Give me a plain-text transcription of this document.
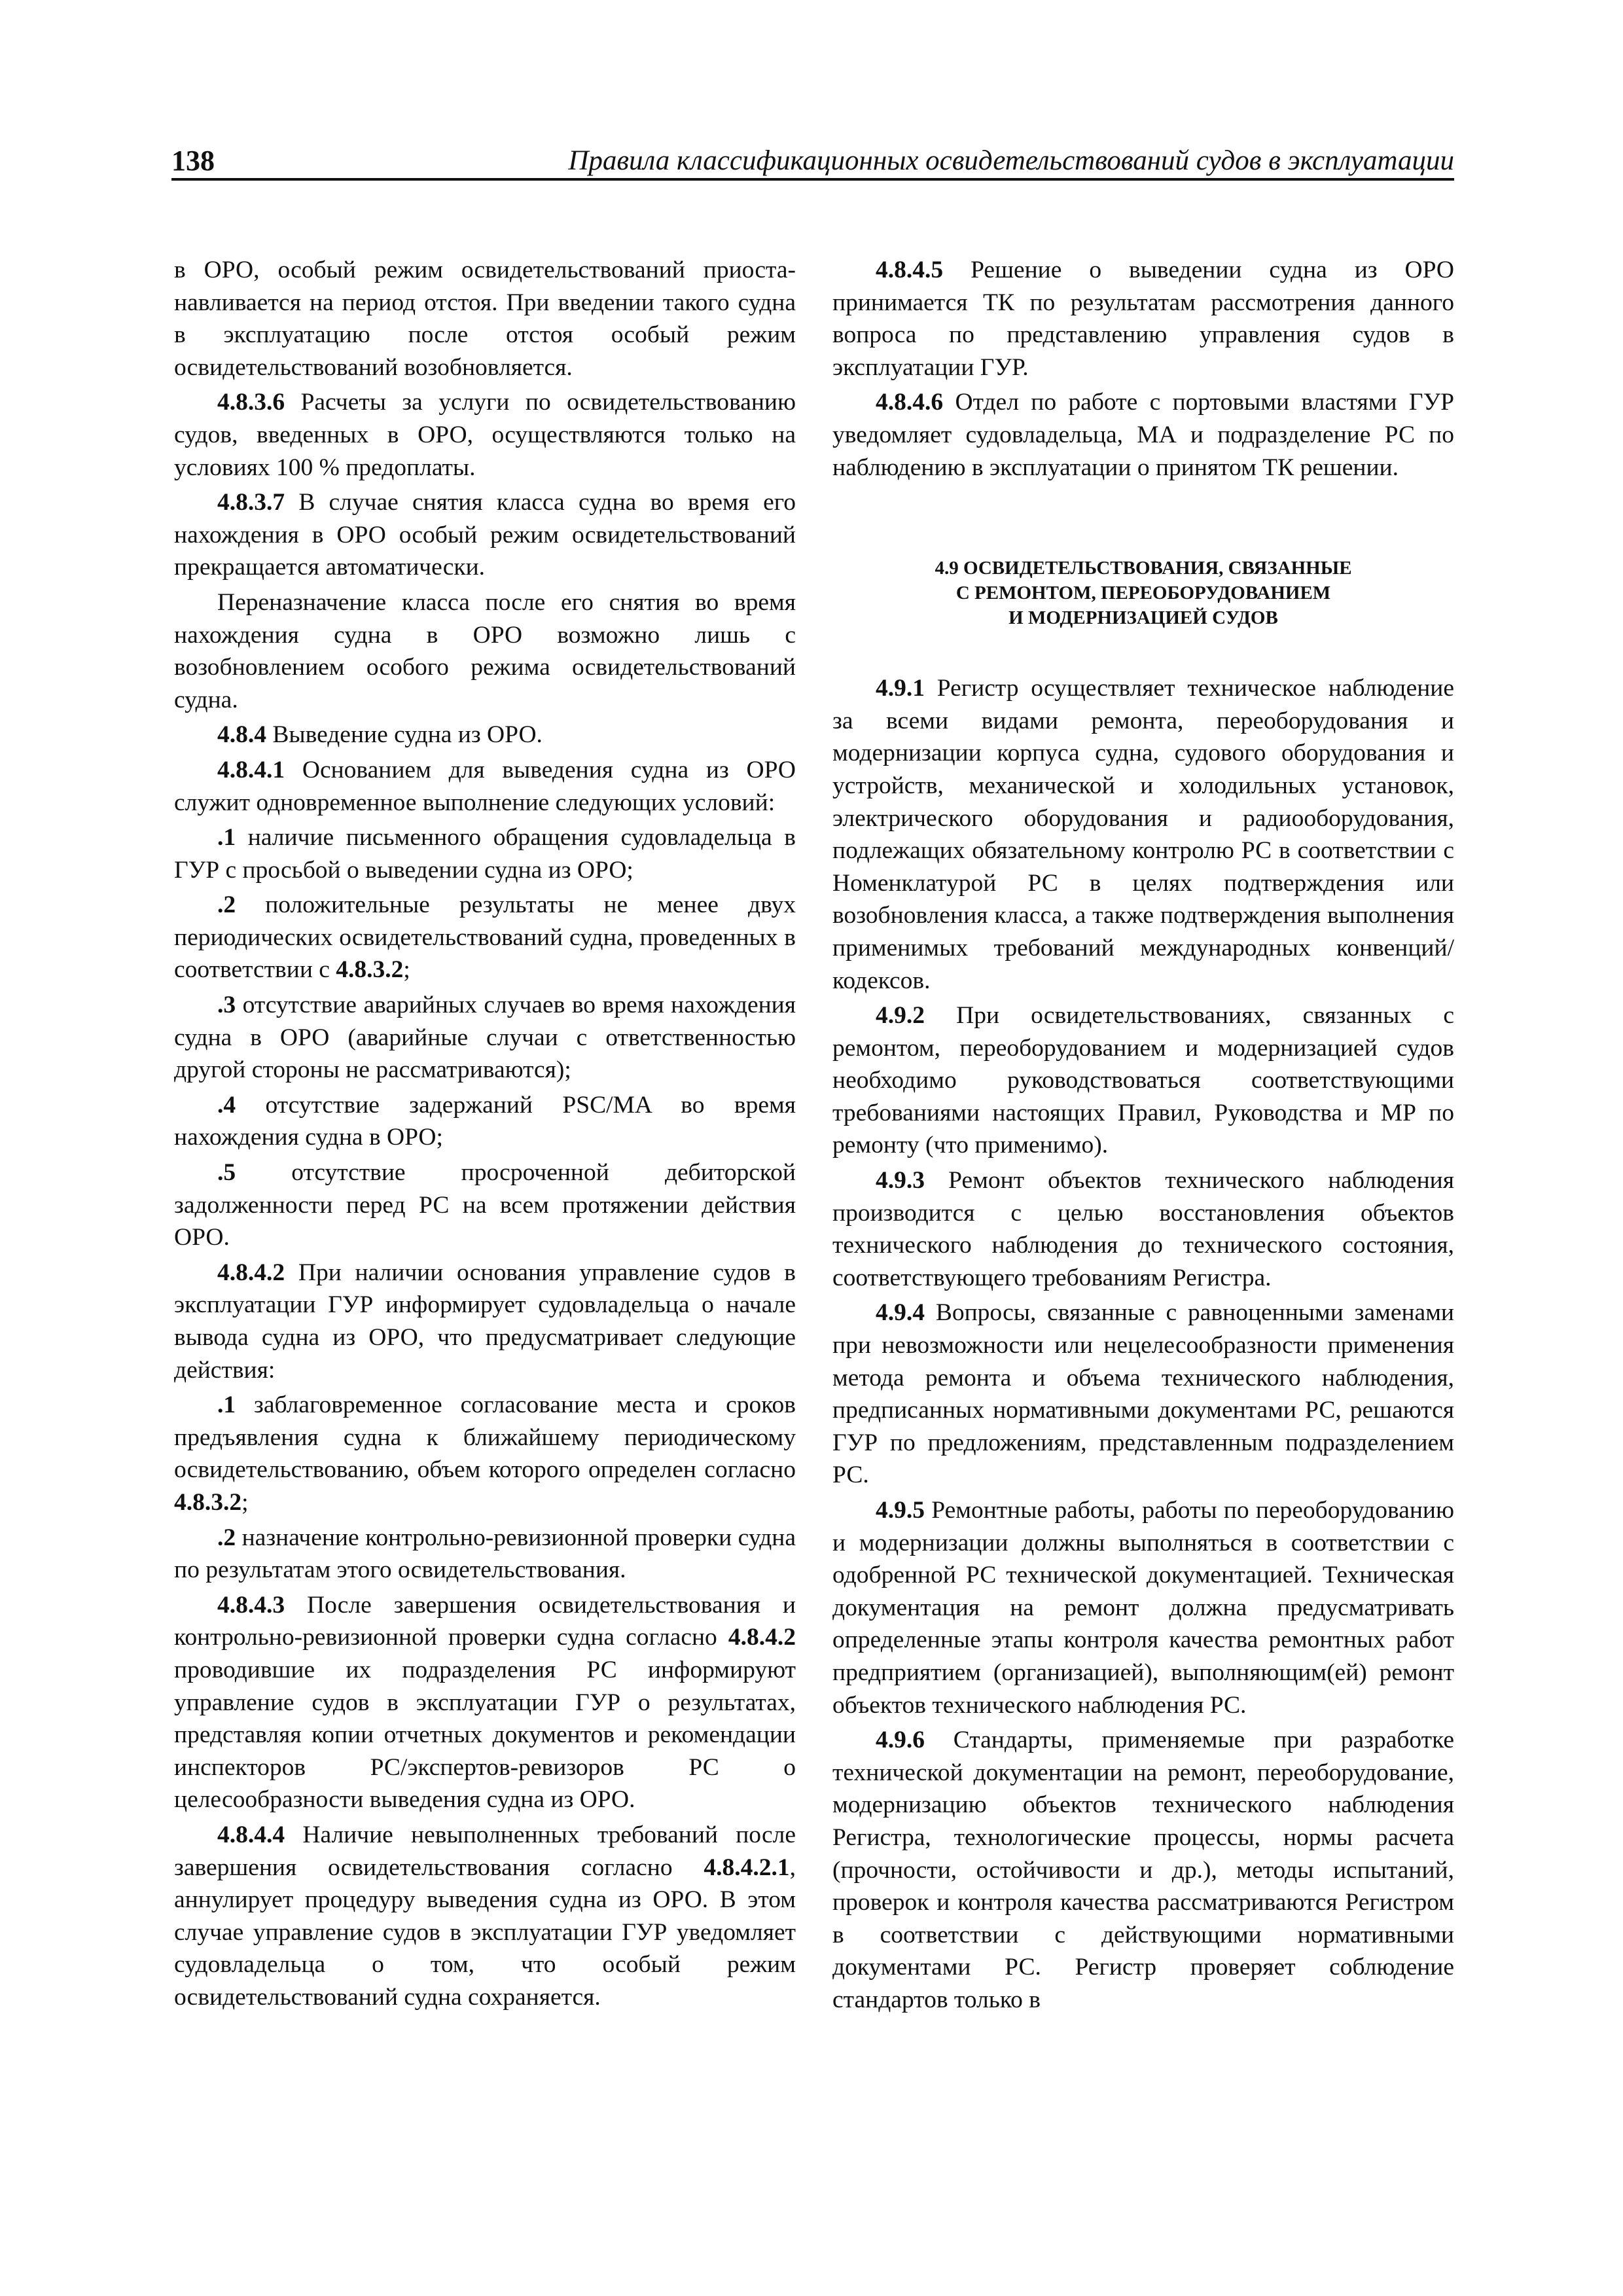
138	Правила классификационных освидетельствований судов в эксплуатации

в ОРО, особый режим освидетельствований приостанавливается на период отстоя. При введении такого судна в эксплуатацию после отстоя особый режим освидетельствований возобновляется.

4.8.3.6 Расчеты за услуги по освидетельствованию судов, введенных в ОРО, осуществляются только на условиях 100 % предоплаты.

4.8.3.7 В случае снятия класса судна во время его нахождения в ОРО особый режим освидетельствований прекращается автоматически.

Переназначение класса после его снятия во время нахождения судна в ОРО возможно лишь с возобновлением особого режима освидетельствований судна.

4.8.4 Выведение судна из ОРО.

4.8.4.1 Основанием для выведения судна из ОРО служит одновременное выполнение следующих условий:

.1 наличие письменного обращения судовладельца в ГУР с просьбой о выведении судна из ОРО;

.2 положительные результаты не менее двух периодических освидетельствований судна, проведенных в соответствии с 4.8.3.2;

.3 отсутствие аварийных случаев во время нахождения судна в ОРО (аварийные случаи с ответственностью другой стороны не рассматриваются);

.4 отсутствие задержаний PSC/MA во время нахождения судна в ОРО;

.5 отсутствие просроченной дебиторской задолженности перед РС на всем протяжении действия ОРО.

4.8.4.2 При наличии основания управление судов в эксплуатации ГУР информирует судовладельца о начале вывода судна из ОРО, что предусматривает следующие действия:

.1 заблаговременное согласование места и сроков предъявления судна к ближайшему периодическому освидетельствованию, объем которого определен согласно 4.8.3.2;

.2 назначение контрольно-ревизионной проверки судна по результатам этого освидетельствования.

4.8.4.3 После завершения освидетельствования и контрольно-ревизионной проверки судна согласно 4.8.4.2 проводившие их подразделения РС информируют управление судов в эксплуатации ГУР о результатах, представляя копии отчетных документов и рекомендации инспекторов РС/экспертов-ревизоров РС о целесообразности выведения судна из ОРО.

4.8.4.4 Наличие невыполненных требований после завершения освидетельствования согласно 4.8.4.2.1, аннулирует процедуру выведения судна из ОРО. В этом случае управление судов в эксплуатации ГУР уведомляет судовладельца о том, что особый режим освидетельствований судна сохраняется.

4.8.4.5 Решение о выведении судна из ОРО принимается ТК по результатам рассмотрения данного вопроса по представлению управления судов в эксплуатации ГУР.

4.8.4.6 Отдел по работе с портовыми властями ГУР уведомляет судовладельца, МА и подразделение РС по наблюдению в эксплуатации о принятом ТК решении.

4.9 ОСВИДЕТЕЛЬСТВОВАНИЯ, СВЯЗАННЫЕ
С РЕМОНТОМ, ПЕРЕОБОРУДОВАНИЕМ
И МОДЕРНИЗАЦИЕЙ СУДОВ

4.9.1 Регистр осуществляет техническое наблюдение за всеми видами ремонта, переоборудования и модернизации корпуса судна, судового оборудования и устройств, механической и холодильных установок, электрического оборудования и радиооборудования, подлежащих обязательному контролю РС в соответствии с Номенклатурой РС в целях подтверждения или возобновления класса, а также подтверждения выполнения применимых требований международных конвенций/кодексов.

4.9.2 При освидетельствованиях, связанных с ремонтом, переоборудованием и модернизацией судов необходимо руководствоваться соответствующими требованиями настоящих Правил, Руководства и МР по ремонту (что применимо).

4.9.3 Ремонт объектов технического наблюдения производится с целью восстановления объектов технического наблюдения до технического состояния, соответствующего требованиям Регистра.

4.9.4 Вопросы, связанные с равноценными заменами при невозможности или нецелесообразности применения метода ремонта и объема технического наблюдения, предписанных нормативными документами РС, решаются ГУР по предложениям, представленным подразделением РС.

4.9.5 Ремонтные работы, работы по переоборудованию и модернизации должны выполняться в соответствии с одобренной РС технической документацией. Техническая документация на ремонт должна предусматривать определенные этапы контроля качества ремонтных работ предприятием (организацией), выполняющим(ей) ремонт объектов технического наблюдения РС.

4.9.6 Стандарты, применяемые при разработке технической документации на ремонт, переоборудование, модернизацию объектов технического наблюдения Регистра, технологические процессы, нормы расчета (прочности, остойчивости и др.), методы испытаний, проверок и контроля качества рассматриваются Регистром в соответствии с действующими нормативными документами РС. Регистр проверяет соблюдение стандартов только в
